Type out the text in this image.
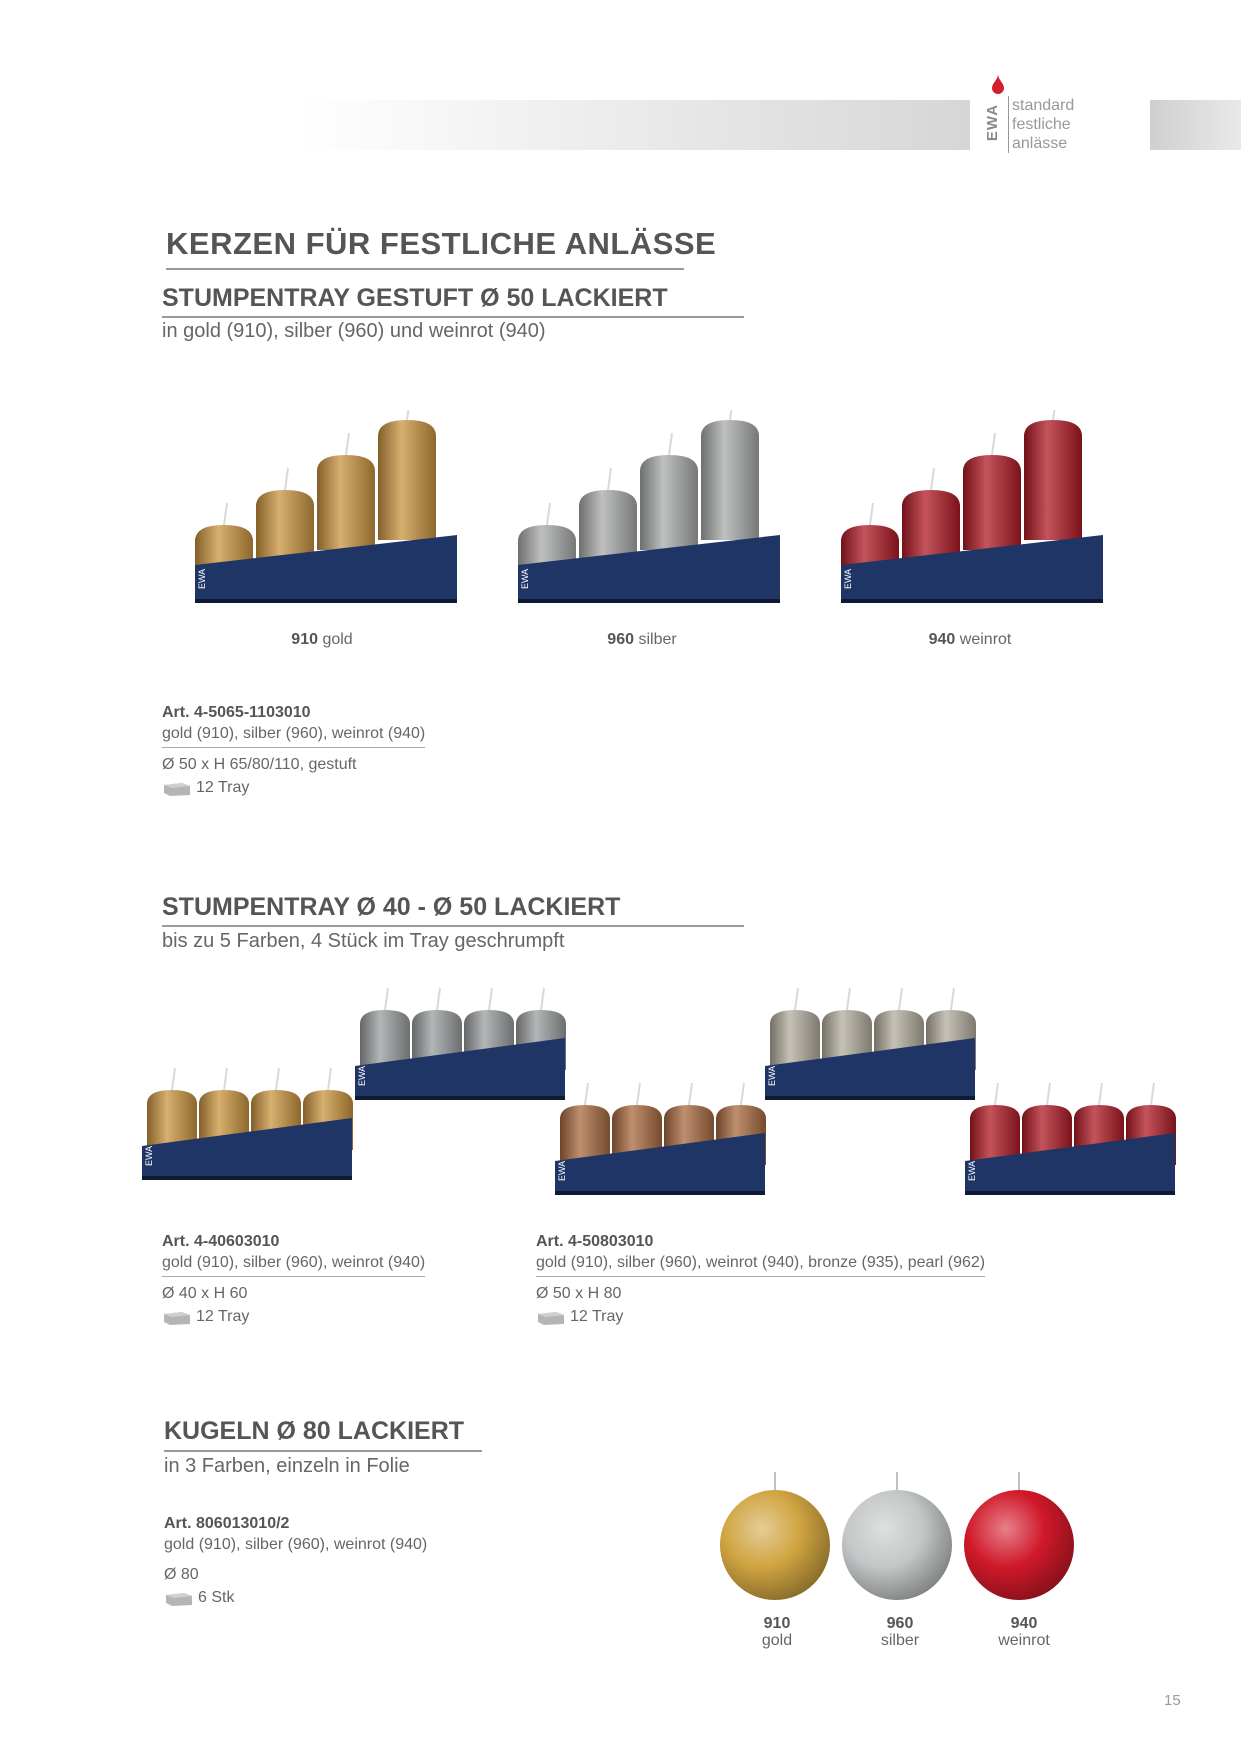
EWA standard
festliche
anlässe
KERZEN FÜR FESTLICHE ANLÄSSE
STUMPENTRAY GESTUFT Ø 50 LACKIERT
in gold (910), silber (960) und weinrot (940)
EWA	EWA	EWA
910 gold	960 silber	940 weinrot
Art. 4-5065-1103010
gold (910), silber (960), weinrot (940)
Ø 50 x H 65/80/110, gestuft
12 Tray
STUMPENTRAY Ø 40 - Ø 50 LACKIERT
bis zu 5 Farben, 4 Stück im Tray geschrumpft
EWA
EWA
EWA
EWA
EWA
Art. 4-40603010
gold (910), silber (960), weinrot (940)
Ø 40 x H 60
12 Tray
Art. 4-50803010
gold (910), silber (960), weinrot (940), bronze (935), pearl (962)
Ø 50 x H 80
12 Tray
KUGELN Ø 80 LACKIERT
in 3 Farben, einzeln in Folie
Art. 806013010/2
gold (910), silber (960), weinrot (940)
Ø 80
6 Stk
910
gold
960
silber
940
weinrot
15
